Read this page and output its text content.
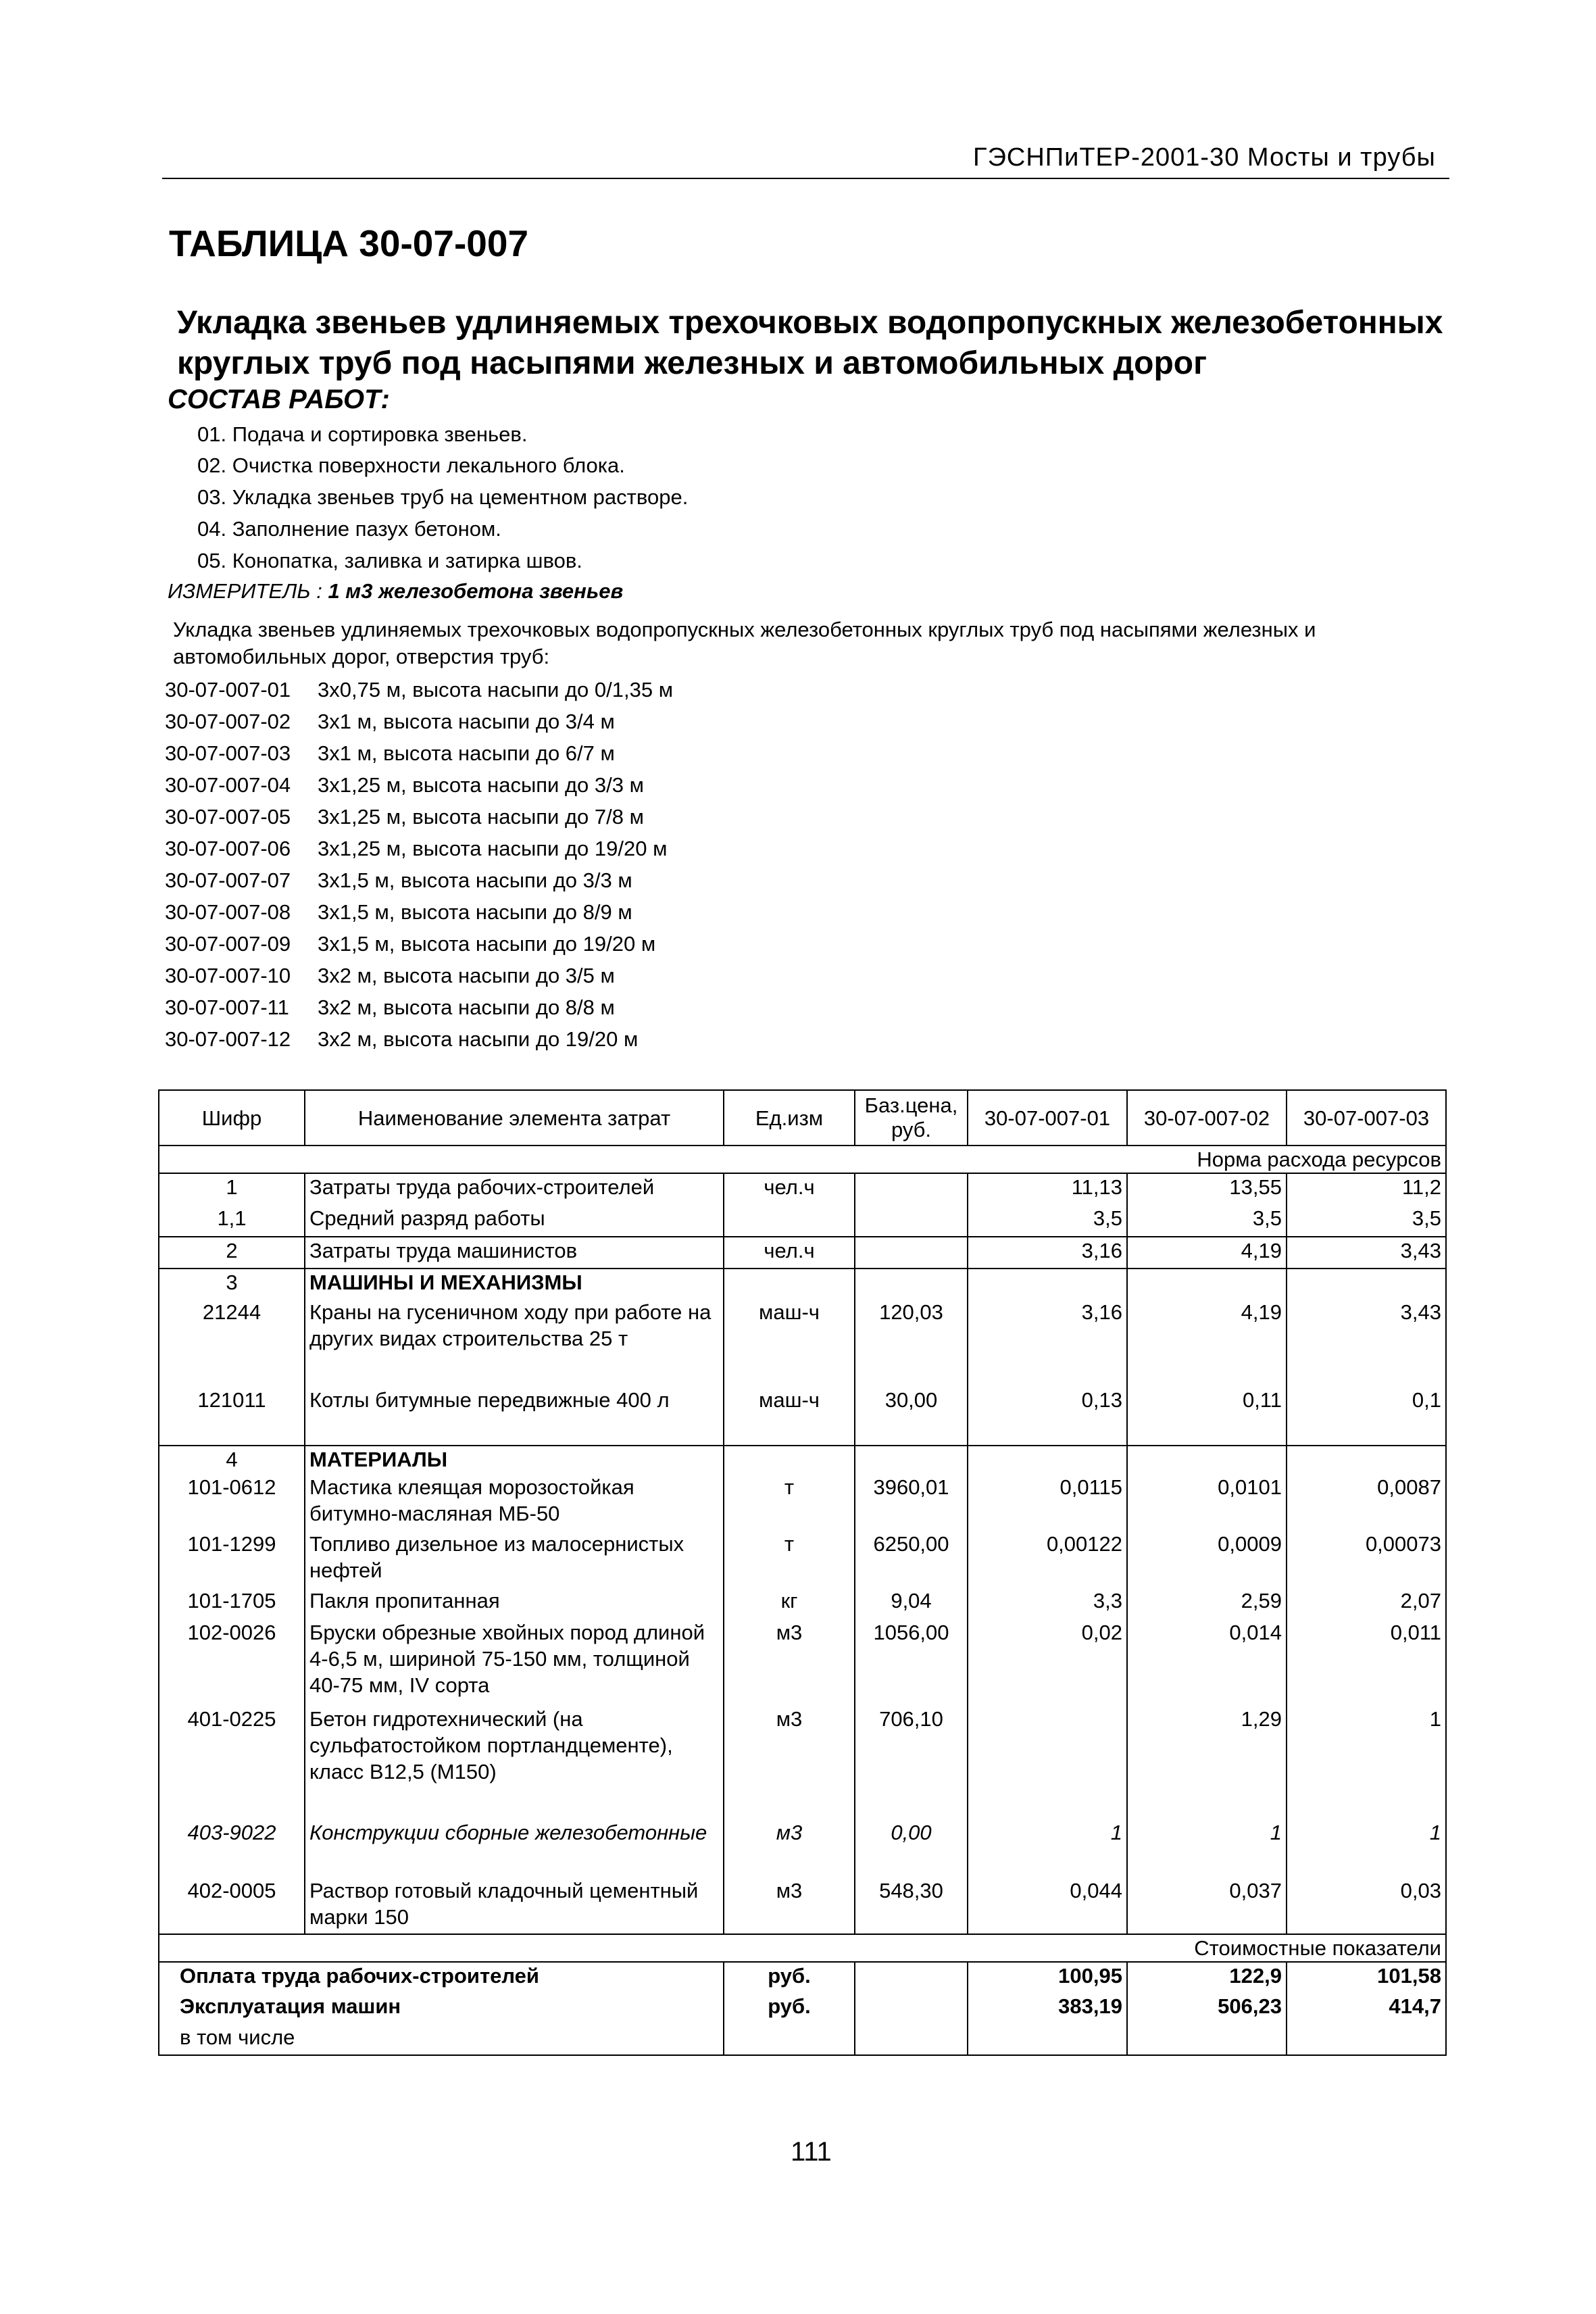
ГЭСНПиТЕР-2001-30 Мосты и трубы
ТАБЛИЦА 30-07-007
Укладка звеньев удлиняемых трехочковых водопропускных железобетонных
круглых труб под насыпями железных и автомобильных дорог
СОСТАВ РАБОТ:
01. Подача и сортировка звеньев.
02. Очистка поверхности лекального блока.
03. Укладка звеньев труб на цементном растворе.
04. Заполнение пазух бетоном.
05. Конопатка, заливка и затирка швов.
ИЗМЕРИТЕЛЬ : 1 м3 железобетона звеньев
Укладка звеньев удлиняемых трехочковых водопропускных железобетонных круглых труб под насыпями железных и
автомобильных дорог, отверстия труб:
30-07-007-01 3х0,75 м, высота насыпи до 0/1,35 м
30-07-007-02 3х1 м, высота насыпи до 3/4 м
30-07-007-03 3х1 м, высота насыпи до 6/7 м
30-07-007-04 3х1,25 м, высота насыпи до 3/3 м
30-07-007-05 3х1,25 м, высота насыпи до 7/8 м
30-07-007-06 3х1,25 м, высота насыпи до 19/20 м
30-07-007-07 3х1,5 м, высота насыпи до 3/3 м
30-07-007-08 3х1,5 м, высота насыпи до 8/9 м
30-07-007-09 3х1,5 м, высота насыпи до 19/20 м
30-07-007-10 3х2 м, высота насыпи до 3/5 м
30-07-007-11 3х2 м, высота насыпи до 8/8 м
30-07-007-12 3х2 м, высота насыпи до 19/20 м
Шифр	Наименование элемента затрат	Ед.изм	Баз.цена, руб.	30-07-007-01	30-07-007-02	30-07-007-03
Норма расхода ресурсов						
1	Затраты труда рабочих-строителей	чел.ч		11,13	13,55	11,2
1,1	Средний разряд работы			3,5	3,5	3,5
2	Затраты труда машинистов	чел.ч		3,16	4,19	3,43
3	МАШИНЫ И МЕХАНИЗМЫ					
21244	Краны на гусеничном ходу при работе на других видах строительства 25 т	маш-ч	120,03	3,16	4,19	3,43
121011	Котлы битумные передвижные 400 л	маш-ч	30,00	0,13	0,11	0,1
4	МАТЕРИАЛЫ					
101-0612	Мастика клеящая морозостойкая битумно-масляная МБ-50	т	3960,01	0,0115	0,0101	0,0087
101-1299	Топливо дизельное из малосернистых нефтей	т	6250,00	0,00122	0,0009	0,00073
101-1705	Пакля пропитанная	кг	9,04	3,3	2,59	2,07
102-0026	Бруски обрезные хвойных пород длиной 4-6,5 м, шириной 75-150 мм, толщиной 40-75 мм, IV сорта	м3	1056,00	0,02	0,014	0,011
401-0225	Бетон гидротехнический (на сульфатостойком портландцементе), класс В12,5 (М150)	м3	706,10		1,29	1
403-9022	Конструкции сборные железобетонные	м3	0,00	1	1	1
402-0005	Раствор готовый кладочный цементный марки 150	м3	548,30	0,044	0,037	0,03
Стоимостные показатели						
Оплата труда рабочих-строителей		руб.		100,95	122,9	101,58
Эксплуатация машин		руб.		383,19	506,23	414,7
в том числе						
111
